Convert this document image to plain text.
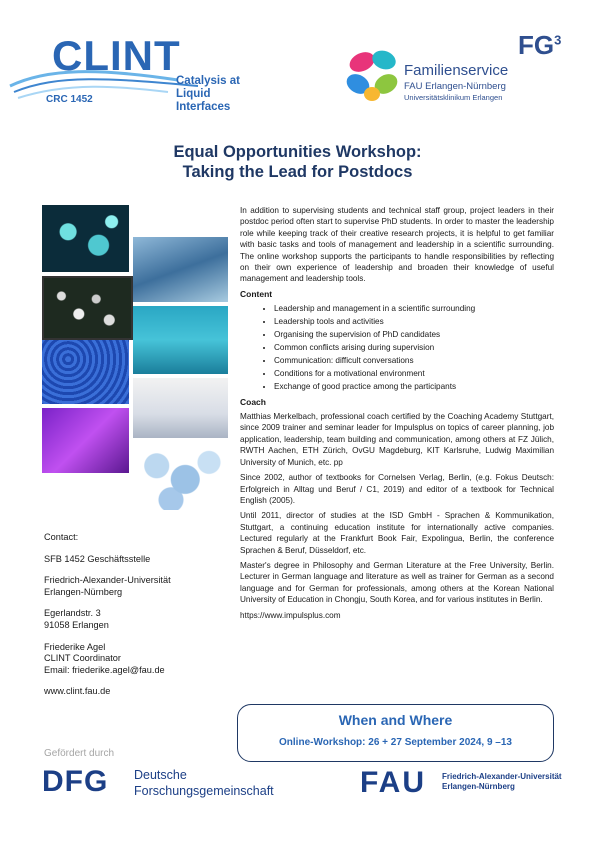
CLINT
Catalysis at
Liquid Interfaces
CRC 1452
$FG^3$
Familienservice
FAU Erlangen-Nürnberg
Universitätsklinikum Erlangen
Equal Opportunities Workshop:
Taking the Lead for Postdocs

In addition to supervising students and technical staff group, project leaders in their postdoc period often start to supervise PhD students. In order to master the leadership role while keeping track of their creative research projects, it is helpful to get familiar with basic tasks and tools of management and leadership in a scientific surrounding. The online workshop supports the participants to handle responsibilities by reflecting on their own experience of leadership and broaden their knowledge of useful management and leadership tools.

Content
• Leadership and management in a scientific surrounding
• Leadership tools and activities
• Organising the supervision of PhD candidates
• Common conflicts arising during supervision
• Communication: difficult conversations
• Conditions for a motivational environment
• Exchange of good practice among the participants
Coach

Matthias Merkelbach, professional coach certified by the Coaching Academy Stuttgart, since 2009 trainer and seminar leader for Impulsplus on topics of career planning, job application, leadership, team building and communication, among others at FZ Jülich, RWTH Aachen, ETH Zürich, OvGU Magdeburg, KIT Karlsruhe, Ludwig Maximilian University of Munich, etc. pp

Since 2002, author of textbooks for Cornelsen Verlag, Berlin, (e.g. Fokus Deutsch: Erfolgreich in Alltag und Beruf / C1, 2019) and editor of a textbook for Technical English (2005).

Until 2011, director of studies at the ISD GmbH - Sprachen & Kommunikation, Stuttgart, a continuing education institute for internationally active companies. Lectured regularly at the Frankfurt Book Fair, Expolingua, Berlin, the conference Sprachen & Beruf, Düsseldorf, etc.

Master's degree in Philosophy and German Literature at the Free University, Berlin. Lecturer in German language and literature as well as trainer for German as a second language and for German for professionals, among others at the Korean National University of Education in Chongju, South Korea, and for various institutes in Berlin.

https://www.impulsplus.com

Contact:
SFB 1452 Geschäftsstelle
Friedrich-Alexander-Universität
Erlangen-Nürnberg
Egerlandstr. 3
91058 Erlangen
Friederike Agel
CLINT Coordinator
Email: friederike.agel@fau.de
www.clint.fau.de
When and Where
Online-Workshop: 26 + 27 September 2024, 9 –13
Gefördert durch
DFG Deutsche
Forschungsgemeinschaft	FAU Friedrich-Alexander-Universität
Erlangen-Nürnberg
